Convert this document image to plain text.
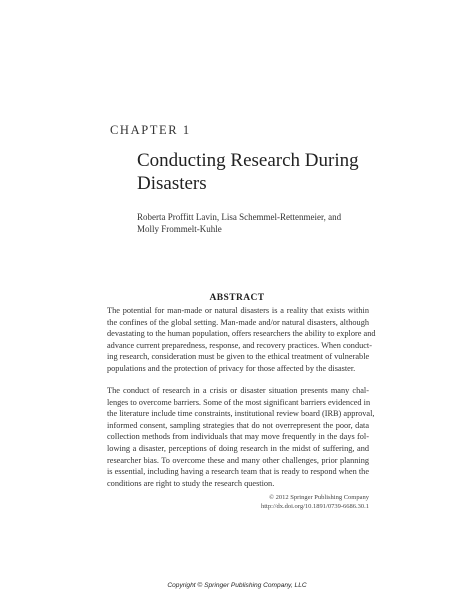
CHAPTER 1
Conducting Research During
Disasters
Roberta Proffitt Lavin, Lisa Schemmel-Rettenmeier, and
Molly Frommelt-Kuhle
ABSTRACT
The potential for man-made or natural disasters is a reality that exists within
the confines of the global setting. Man-made and/or natural disasters, although
devastating to the human population, offers researchers the ability to explore and
advance current preparedness, response, and recovery practices. When conduct-
ing research, consideration must be given to the ethical treatment of vulnerable
populations and the protection of privacy for those affected by the disaster.
The conduct of research in a crisis or disaster situation presents many chal-
lenges to overcome barriers. Some of the most significant barriers evidenced in
the literature include time constraints, institutional review board (IRB) approval,
informed consent, sampling strategies that do not overrepresent the poor, data
collection methods from individuals that may move frequently in the days fol-
lowing a disaster, perceptions of doing research in the midst of suffering, and
researcher bias. To overcome these and many other challenges, prior planning
is essential, including having a research team that is ready to respond when the
conditions are right to study the research question.
© 2012 Springer Publishing Company
http://dx.doi.org/10.1891/0739-6686.30.1
Copyright © Springer Publishing Company, LLC
